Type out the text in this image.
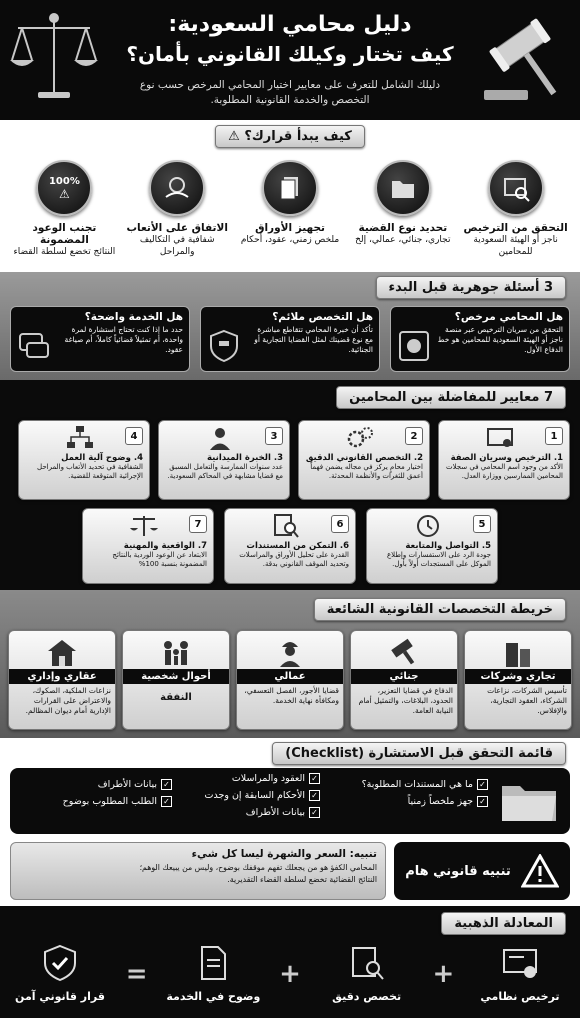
دليل محامي السعودية:
كيف تختار وكيلك القانوني بأمان؟
دليلك الشامل للتعرف على معايير اختيار المحامي المرخص حسب نوع
التخصص والخدمة القانونية المطلوبة.
كيف يبدأ قرارك؟ ⚠
التحقق من الترخيص
ناجز أو الهيئة السعودية للمحامين
تحديد نوع القضية
تجاري، جنائي، عمالي، إلخ
تجهيز الأوراق
ملخص زمني، عقود، أحكام
الاتفاق على الأتعاب
شفافية في التكاليف والمراحل
100%
⚠
تجنب الوعود المضمونة
النتائج تخضع لسلطة القضاء
3 أسئلة جوهرية قبل البدء
هل المحامي مرخص؟
التحقق من سريان الترخيص عبر منصة ناجز أو الهيئة السعودية للمحامين هو خط الدفاع الأول.
هل التخصص ملائم؟
تأكد أن خبرة المحامي تتقاطع مباشرة مع نوع قضيتك لمثل القضايا التجارية أو الجنائية.
هل الخدمة واضحة؟
حدد ما إذا كنت تحتاج استشارة لمرة واحدة، أم تمثيلاً قضائياً كاملاً، أم صياغة عقود.
7 معايير للمفاضلة بين المحامين
1
1. الترخيص وسريان الصفة
الأكد من وجود اسم المحامي في سجلات المحامين الممارسين ووزارة العدل.
2
2. التخصص القانوني الدقيق
اختيار محامٍ يركز في مجاله يضمن فهماً أعمق للثغرات والأنظمة المحدثة.
3
3. الخبرة الميدانية
عدد سنوات الممارسة والتعامل المسبق مع قضايا مشابهة في المحاكم السعودية.
4
4. وضوح آلية العمل
الشفافية في تحديد الأتعاب والمراحل الإجرائية المتوقعة للقضية.
5
5. التواصل والمتابعة
جودة الرد على الاستفسارات وإطلاع الموكل على المستجدات أولاً بأول.
6
6. التمكن من المستندات
القدرة على تحليل الأوراق والمراسلات وتحديد الموقف القانوني بدقة.
7
7. الواقعية والمهنية
الابتعاد عن الوعود الوردية بالنتائج المضمونة بنسبة 100%
خريطة التخصصات القانونية الشائعة
تجاري وشركات
تأسيس الشركات، نزاعات الشركاء، العقود التجارية، والإفلاس.
جنائي
الدفاع في قضايا التعزير، الحدود، البلاغات، والتمثيل أمام النيابة العامة.
عمالي
قضايا الأجور، الفصل التعسفي، ومكافأة نهاية الخدمة.
أحوال شخصية
النفقة
عقاري وإداري
نزاعات الملكية، الصكوك، والاعتراض على القرارات الإدارية أمام ديوان المظالم.
قائمة التحقق قبل الاستشارة (Checklist)
✓ما هي المستندات المطلوبة؟
✓جهز ملخصاً زمنياً
✓العقود والمراسلات
✓الأحكام السابقة إن وجدت
✓بيانات الأطراف
✓بيانات الأطراف
✓الطلب المطلوب بوضوح
تنبيه قانوني هام
تنبيه: السعر والشهرة ليسا كل شيء
المحامي الكفؤ هو من يجعلك تفهم موقفك بوضوح، وليس من يبيعك الوهم؛
النتائج القضائية تخضع لسلطة القضاء التقديرية.
المعادلة الذهبية
ترخيص نظامي
+
تخصص دقيق
+
وضوح في الخدمة
=
قرار قانوني آمن
